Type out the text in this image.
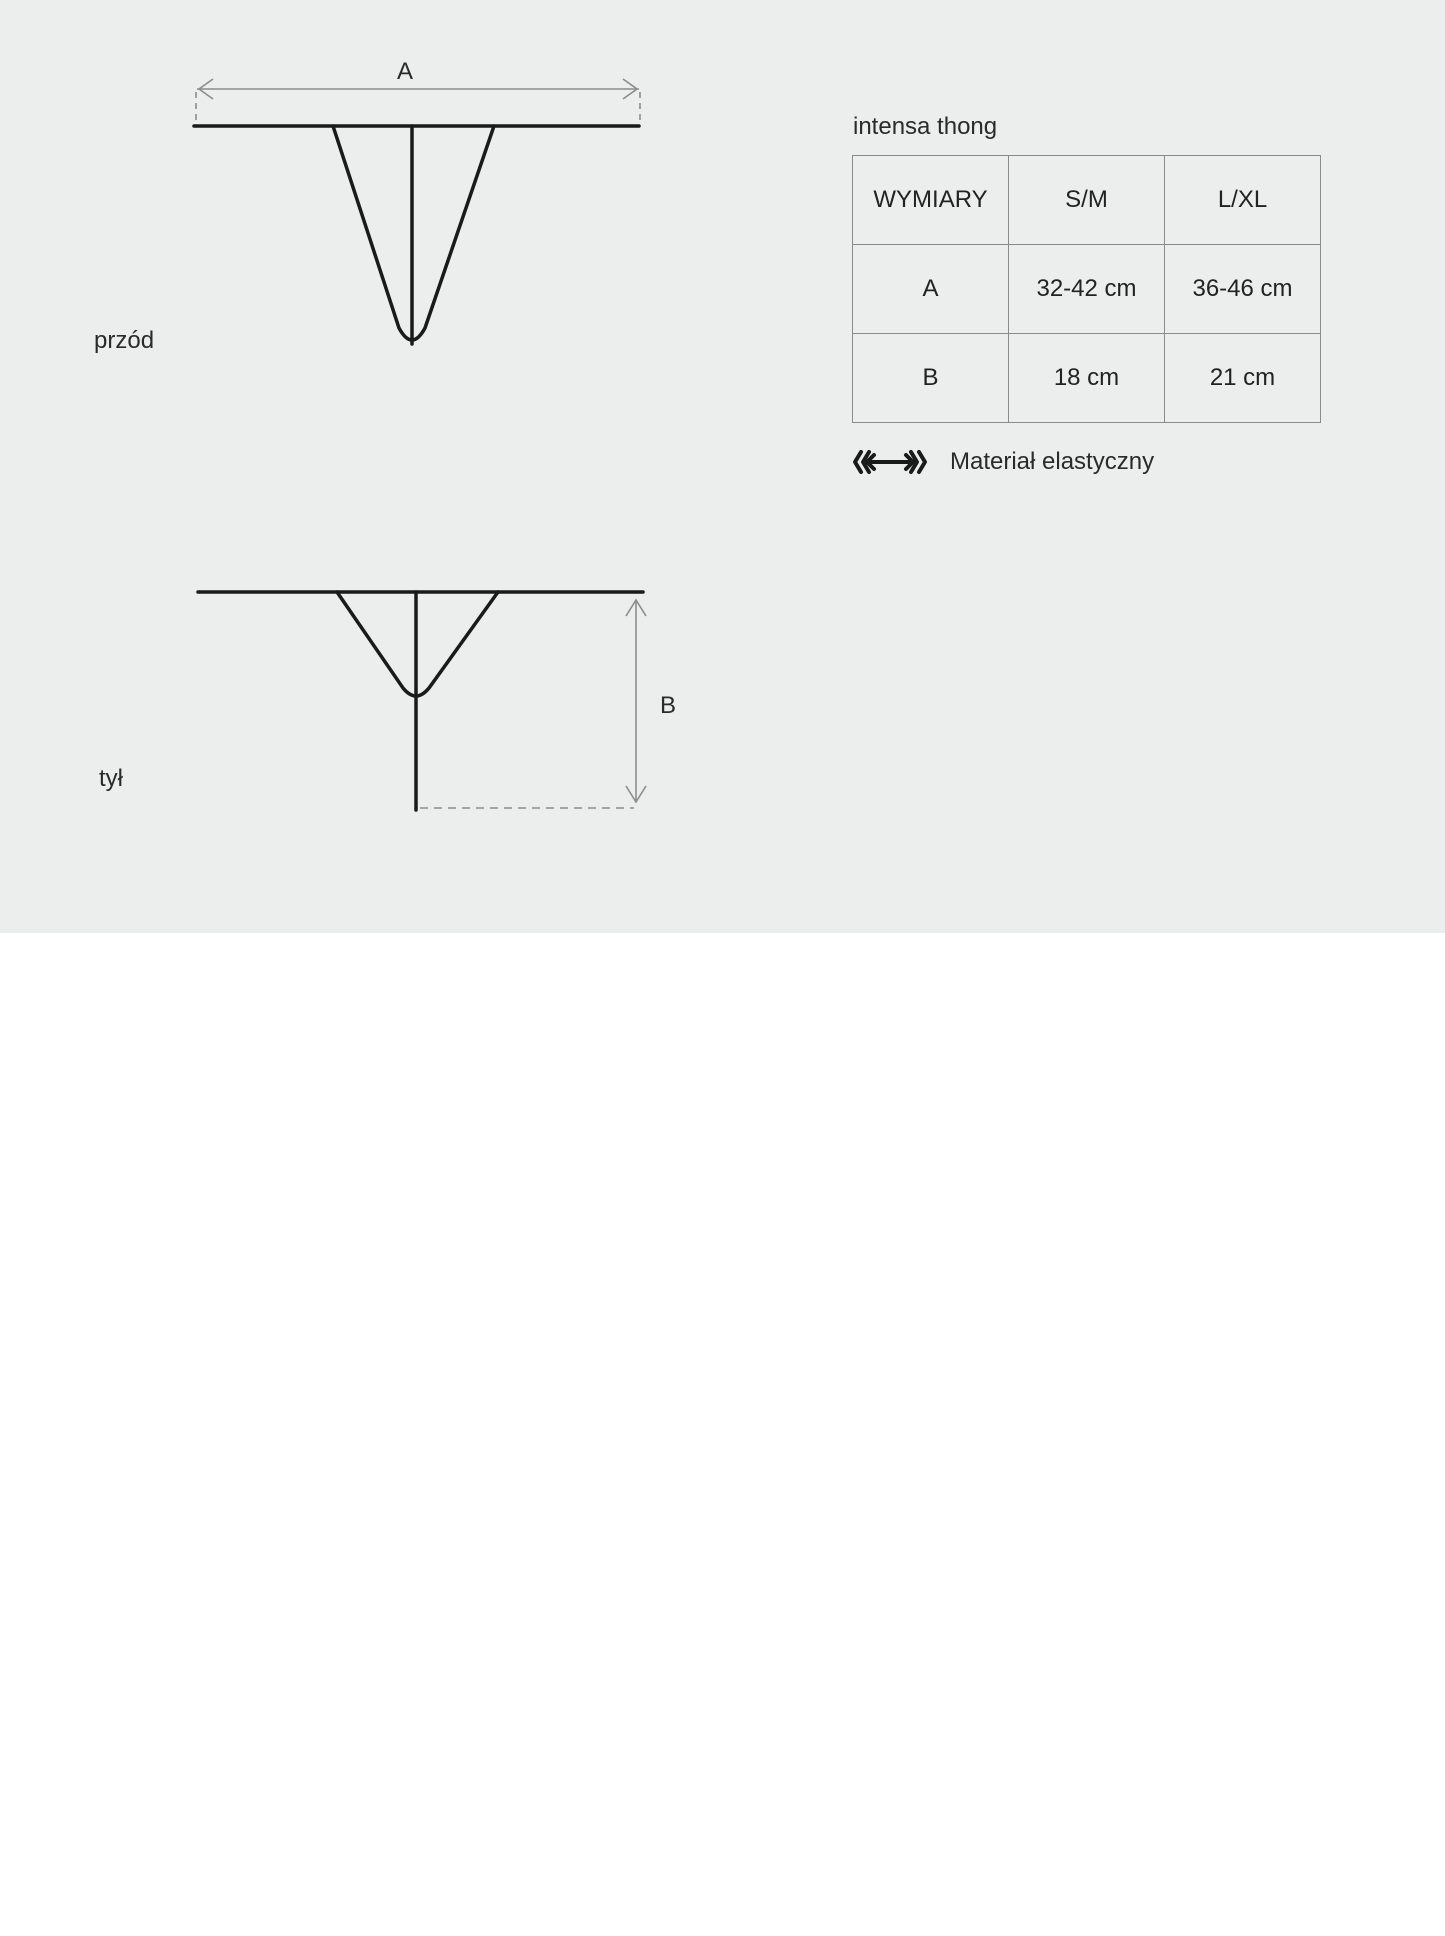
A
B
przód
tył
intensa thong
WYMIARY	S/M	L/XL
A	32-42 cm	36-46 cm
B	18 cm	21 cm
Materiał elastyczny
